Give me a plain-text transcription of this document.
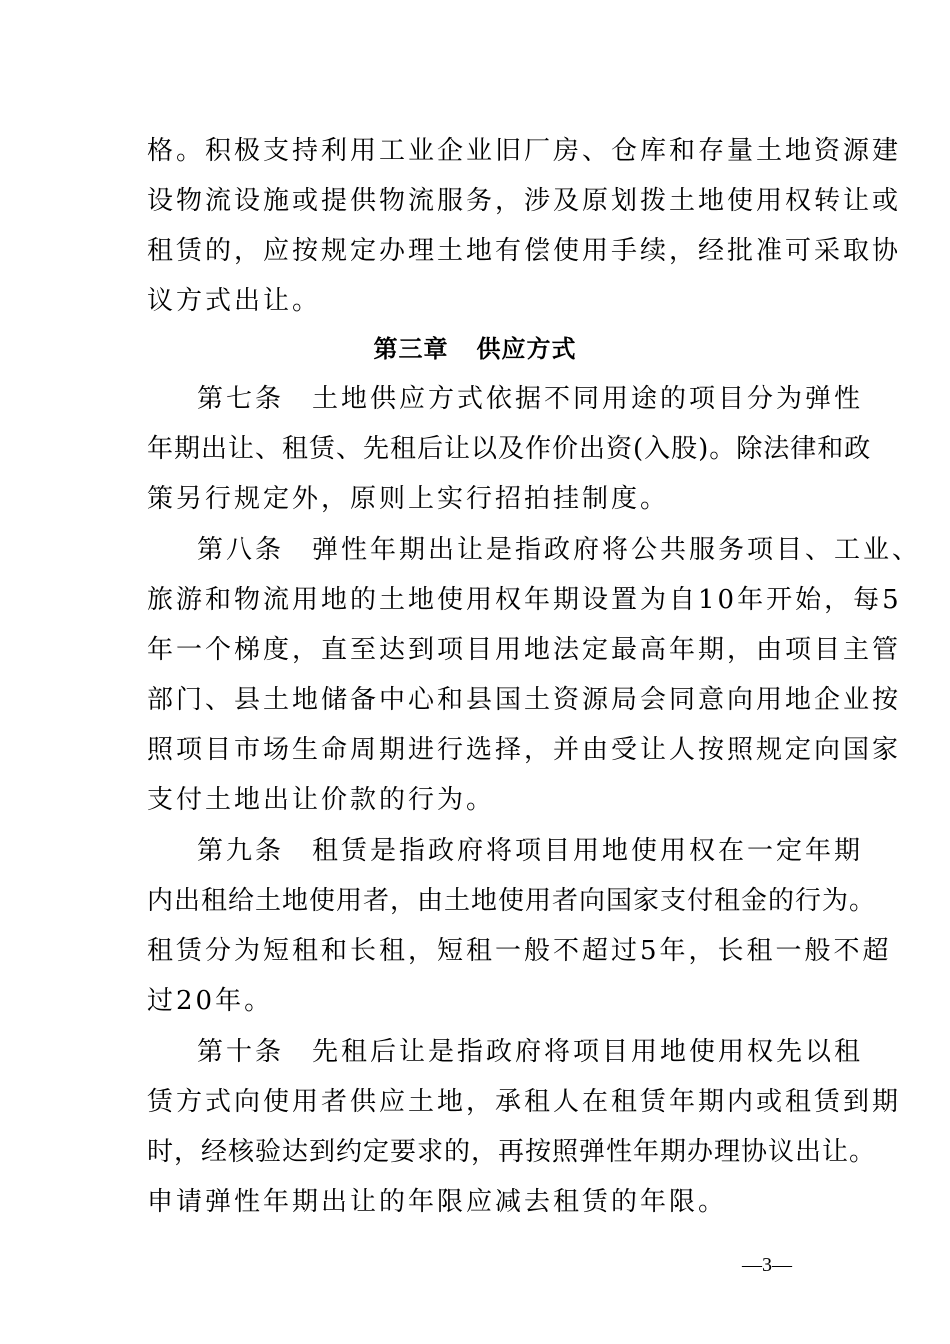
格。积极支持利用工业企业旧厂房、仓库和存量土地资源建
设物流设施或提供物流服务，涉及原划拨土地使用权转让或
租赁的，应按规定办理土地有偿使用手续，经批准可采取协
议方式出让。
第三章 供应方式
第七条 土地供应方式依据不同用途的项目分为弹性
年期出让、租赁、先租后让以及作价出资(入股)。除法律和政
策另行规定外，原则上实行招拍挂制度。
第八条 弹性年期出让是指政府将公共服务项目、工业、
旅游和物流用地的土地使用权年期设置为自10年开始，每5
年一个梯度，直至达到项目用地法定最高年期，由项目主管
部门、县土地储备中心和县国土资源局会同意向用地企业按
照项目市场生命周期进行选择，并由受让人按照规定向国家
支付土地出让价款的行为。
第九条 租赁是指政府将项目用地使用权在一定年期
内出租给土地使用者，由土地使用者向国家支付租金的行为。
租赁分为短租和长租，短租一般不超过5年，长租一般不超
过20年。
第十条 先租后让是指政府将项目用地使用权先以租
赁方式向使用者供应土地，承租人在租赁年期内或租赁到期
时，经核验达到约定要求的，再按照弹性年期办理协议出让。
申请弹性年期出让的年限应减去租赁的年限。
—3—
